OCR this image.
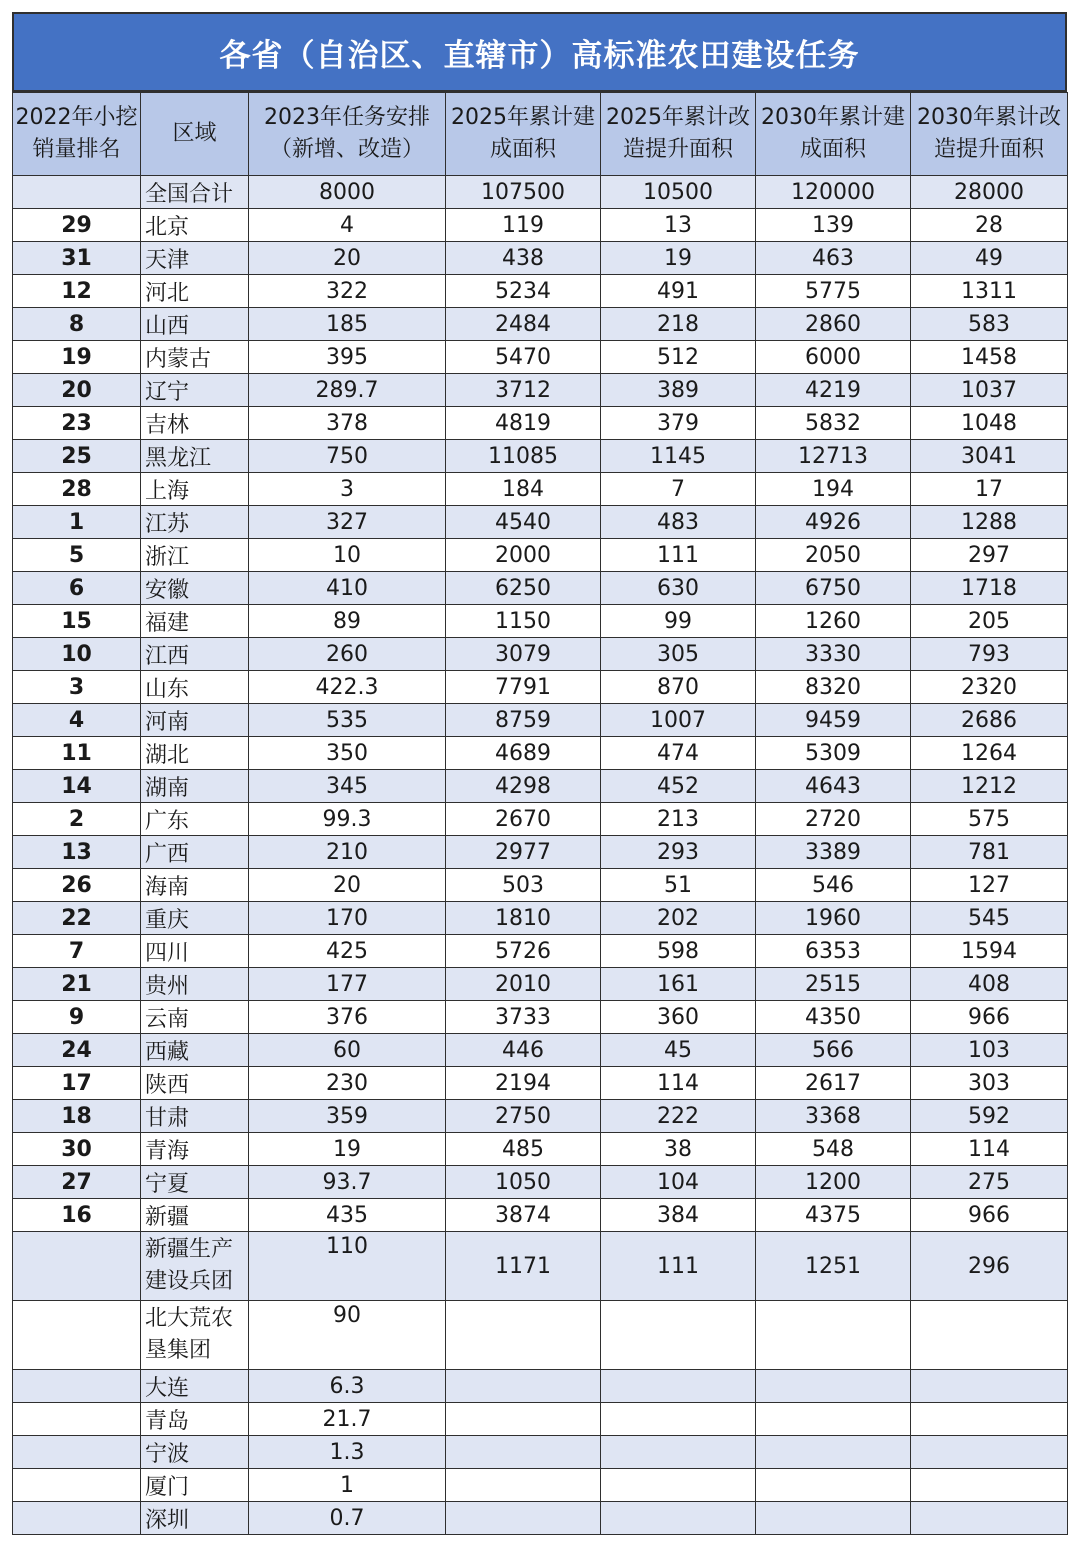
各省（自治区、直辖市）高标准农田建设任务
2022年小挖销量排名	区域	2023年任务安排（新增、改造）	2025年累计建成面积	2025年累计改造提升面积	2030年累计建成面积	2030年累计改造提升面积
	全国合计	8000	107500	10500	120000	28000
29	北京	4	119	13	139	28
31	天津	20	438	19	463	49
12	河北	322	5234	491	5775	1311
8	山西	185	2484	218	2860	583
19	内蒙古	395	5470	512	6000	1458
20	辽宁	289.7	3712	389	4219	1037
23	吉林	378	4819	379	5832	1048
25	黑龙江	750	11085	1145	12713	3041
28	上海	3	184	7	194	17
1	江苏	327	4540	483	4926	1288
5	浙江	10	2000	111	2050	297
6	安徽	410	6250	630	6750	1718
15	福建	89	1150	99	1260	205
10	江西	260	3079	305	3330	793
3	山东	422.3	7791	870	8320	2320
4	河南	535	8759	1007	9459	2686
11	湖北	350	4689	474	5309	1264
14	湖南	345	4298	452	4643	1212
2	广东	99.3	2670	213	2720	575
13	广西	210	2977	293	3389	781
26	海南	20	503	51	546	127
22	重庆	170	1810	202	1960	545
7	四川	425	5726	598	6353	1594
21	贵州	177	2010	161	2515	408
9	云南	376	3733	360	4350	966
24	西藏	60	446	45	566	103
17	陕西	230	2194	114	2617	303
18	甘肃	359	2750	222	3368	592
30	青海	19	485	38	548	114
27	宁夏	93.7	1050	104	1200	275
16	新疆	435	3874	384	4375	966
	新疆生产建设兵团	110	1171	111	1251	296
	北大荒农垦集团	90				
	大连	6.3				
	青岛	21.7				
	宁波	1.3				
	厦门	1				
	深圳	0.7				
